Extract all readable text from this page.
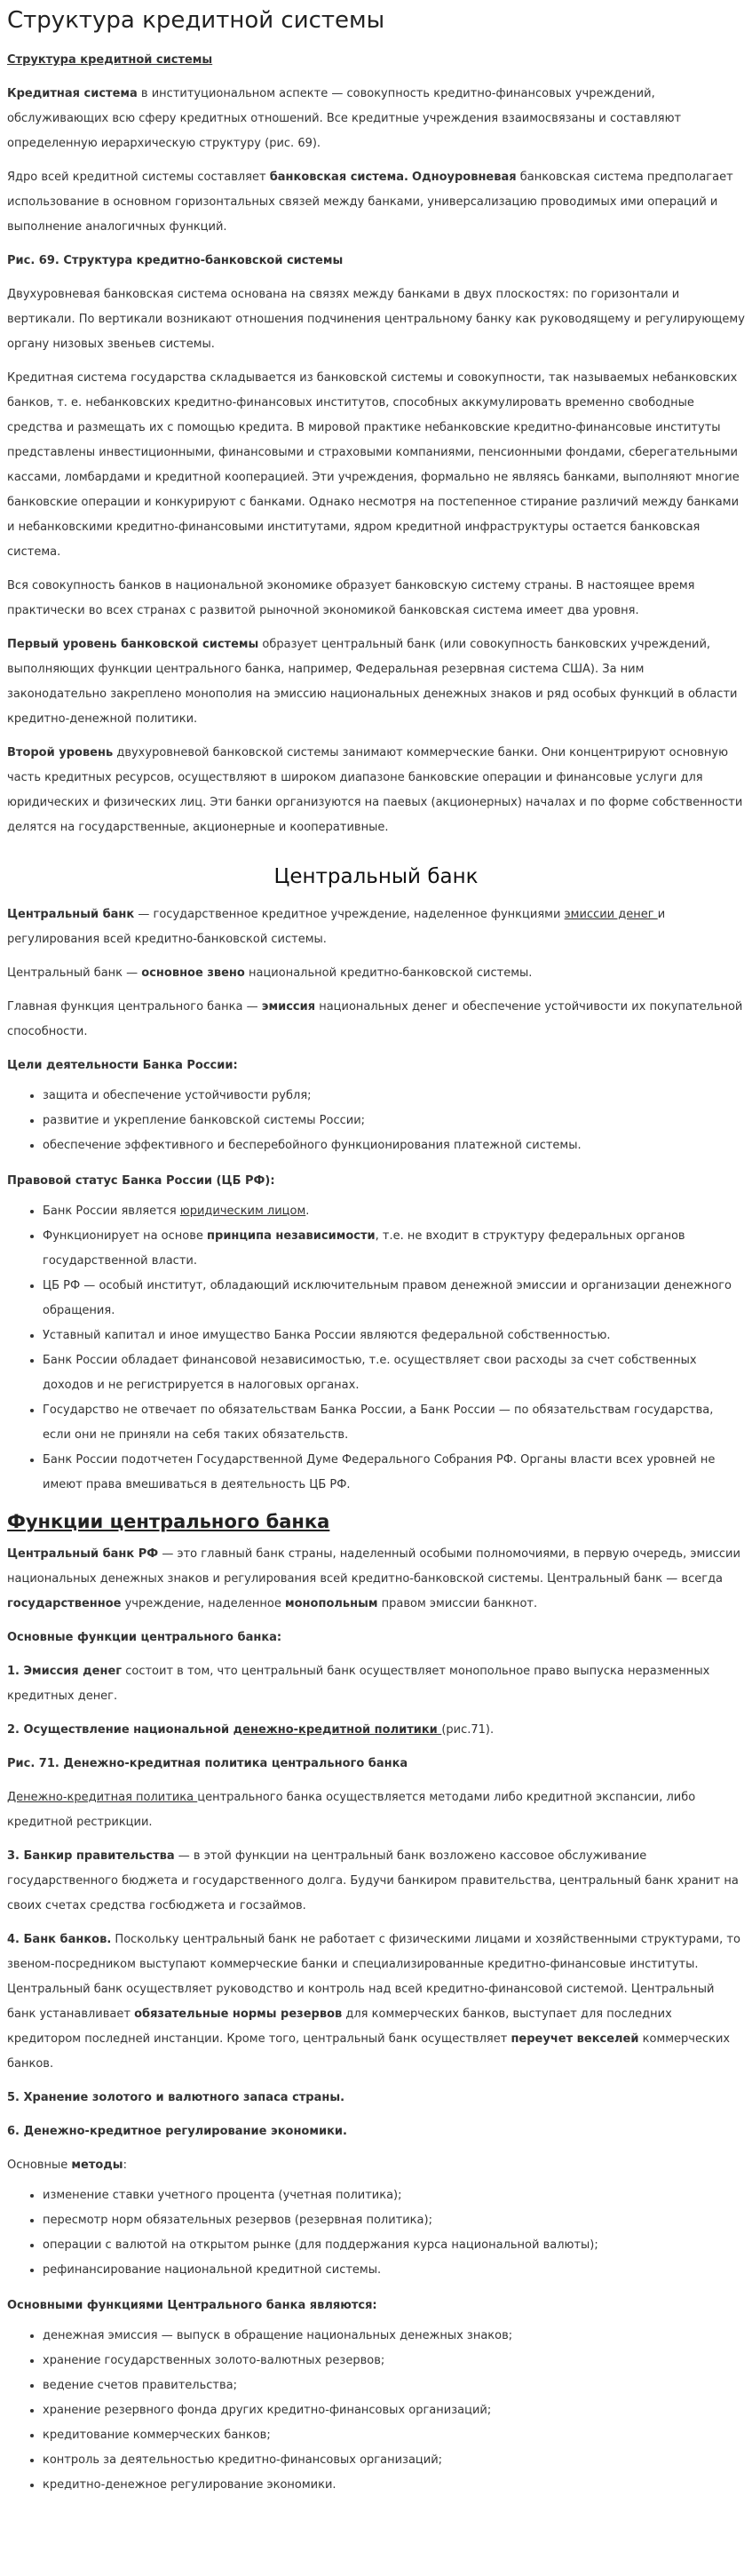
Структура кредитной системы
Структура кредитной системы

Кредитная система в институциональном аспекте — совокупность кредитно-финансовых учреждений, обслуживающих всю сферу кредитных отношений. Все кредитные учреждения взаимосвязаны и составляют определенную иерархическую структуру (рис. 69).

Ядро всей кредитной системы составляет банковская система. Одноуровневая банковская система предполагает использование в основном горизонтальных связей между банками, универсализацию проводимых ими операций и выполнение аналогичных функций.

Рис. 69. Структура кредитно-банковской системы

Двухуровневая банковская система основана на связях между банками в двух плоскостях: по горизонтали и вертикали. По вертикали возникают отношения подчинения центральному банку как руководящему и регулирующему органу низовых звеньев системы.

Кредитная система государства складывается из банковской системы и совокупности, так называемых небанковских банков, т. е. небанковских кредитно-финансовых институтов, способных аккумулировать временно свободные средства и размещать их с помощью кредита. В мировой практике небанковские кредитно-финансовые институты представлены инвестиционными, финансовыми и страховыми компаниями, пенсионными фондами, сберегательными кассами, ломбардами и кредитной кооперацией. Эти учреждения, формально не являясь банками, выполняют многие банковские операции и конкурируют с банками. Однако несмотря на постепенное стирание различий между банками и небанковскими кредитно-финансовыми институтами, ядром кредитной инфраструктуры остается банковская система.

Вся совокупность банков в национальной экономике образует банковскую систему страны. В настоящее время практически во всех странах с развитой рыночной экономикой банковская система имеет два уровня.

Первый уровень банковской системы образует центральный банк (или совокупность банковских учреждений, выполняющих функции центрального банка, например, Федеральная резервная система США). За ним законодательно закреплено монополия на эмиссию национальных денежных знаков и ряд особых функций в области кредитно-денежной политики.

Второй уровень двухуровневой банковской системы занимают коммерческие банки. Они концентрируют основную часть кредитных ресурсов, осуществляют в широком диапазоне банковские операции и финансовые услуги для юридических и физических лиц. Эти банки организуются на паевых (акционерных) началах и по форме собственности делятся на государственные, акционерные и кооперативные.

Центральный банк

Центральный банк — государственное кредитное учреждение, наделенное функциями эмиссии денег и регулирования всей кредитно-банковской системы.

Центральный банк — основное звено национальной кредитно-банковской системы.

Главная функция центрального банка — эмиссия национальных денег и обеспечение устойчивости их покупательной способности.

Цели деятельности Банка России:

• защита и обеспечение устойчивости рубля;
• развитие и укрепление банковской системы России;
• обеспечение эффективного и бесперебойного функционирования платежной системы.

Правовой статус Банка России (ЦБ РФ):

• Банк России является юридическим лицом.
• Функционирует на основе принципа независимости, т.е. не входит в структуру федеральных органов государственной власти.
• ЦБ РФ — особый институт, обладающий исключительным правом денежной эмиссии и организации денежного обращения.
• Уставный капитал и иное имущество Банка России являются федеральной собственностью.
• Банк России обладает финансовой независимостью, т.е. осуществляет свои расходы за счет собственных доходов и не регистрируется в налоговых органах.
• Государство не отвечает по обязательствам Банка России, а Банк России — по обязательствам государства, если они не приняли на себя таких обязательств.
• Банк России подотчетен Государственной Думе Федерального Собрания РФ. Органы власти всех уровней не имеют права вмешиваться в деятельность ЦБ РФ.
Функции центрального банка

Центральный банк РФ — это главный банк страны, наделенный особыми полномочиями, в первую очередь, эмиссии национальных денежных знаков и регулирования всей кредитно-банковской системы. Центральный банк — всегда государственное учреждение, наделенное монопольным правом эмиссии банкнот.

Основные функции центрального банка:

1. Эмиссия денег состоит в том, что центральный банк осуществляет монопольное право выпуска неразменных кредитных денег.

2. Осуществление национальной денежно-кредитной политики (рис.71).

Рис. 71. Денежно-кредитная политика центрального банка

Денежно-кредитная политика центрального банка осуществляется методами либо кредитной экспансии, либо кредитной рестрикции.

3. Банкир правительства — в этой функции на центральный банк возложено кассовое обслуживание государственного бюджета и государственного долга. Будучи банкиром правительства, центральный банк хранит на своих счетах средства госбюджета и госзаймов.

4. Банк банков. Поскольку центральный банк не работает с физическими лицами и хозяйственными структурами, то звеном-посредником выступают коммерческие банки и специализированные кредитно-финансовые институты. Центральный банк осуществляет руководство и контроль над всей кредитно-финансовой системой. Центральный банк устанавливает обязательные нормы резервов для коммерческих банков, выступает для последних кредитором последней инстанции. Кроме того, центральный банк осуществляет переучет векселей коммерческих банков.

5. Хранение золотого и валютного запаса страны.

6. Денежно-кредитное регулирование экономики.

Основные методы:

• изменение ставки учетного процента (учетная политика);
• пересмотр норм обязательных резервов (резервная политика);
• операции с валютой на открытом рынке (для поддержания курса национальной валюты);
• рефинансирование национальной кредитной системы.

Основными функциями Центрального банка являются:

• денежная эмиссия — выпуск в обращение национальных денежных знаков;
• хранение государственных золото-валютных резервов;
• ведение счетов правительства;
• хранение резервного фонда других кредитно-финансовых организаций;
• кредитование коммерческих банков;
• контроль за деятельностью кредитно-финансовых организаций;
• кредитно-денежное регулирование экономики.
